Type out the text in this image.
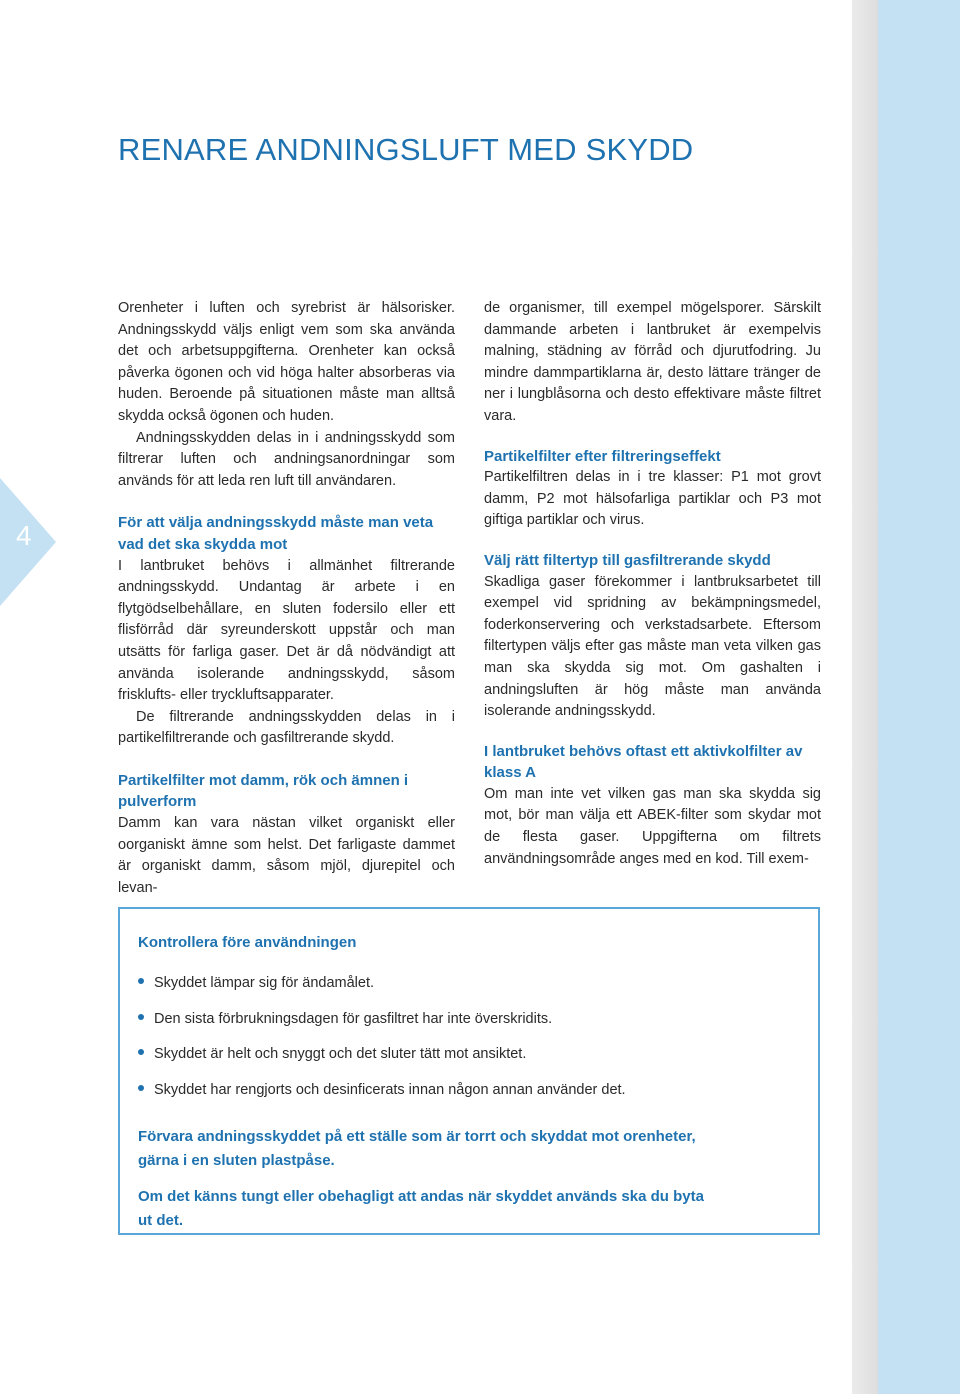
4
RENARE ANDNINGSLUFT MED SKYDD

Orenheter i luften och syrebrist är hälsorisker. Andningsskydd väljs enligt vem som ska använda det och arbetsuppgifterna. Orenheter kan också påverka ögonen och vid höga halter absorberas via huden. Beroende på situationen måste man alltså skydda också ögonen och huden.

Andningsskydden delas in i andningsskydd som filtrerar luften och andningsanordningar som används för att leda ren luft till användaren.

För att välja andningsskydd måste man veta vad det ska skydda mot

I lantbruket behövs i allmänhet filtrerande andningsskydd. Undantag är arbete i en flytgödselbehållare, en sluten fodersilo eller ett flisförråd där syreunderskott uppstår och man utsätts för farliga gaser. Det är då nödvändigt att använda isolerande andningsskydd, såsom frisklufts- eller tryckluftsapparater.

De filtrerande andningsskydden delas in i partikelfiltrerande och gasfiltrerande skydd.

Partikelfilter mot damm, rök och ämnen i pulverform

Damm kan vara nästan vilket organiskt eller oorganiskt ämne som helst. Det farligaste dammet är organiskt damm, såsom mjöl, djurepitel och levan-

de organismer, till exempel mögelsporer. Särskilt dammande arbeten i lantbruket är exempelvis malning, städning av förråd och djurutfodring. Ju mindre dammpartiklarna är, desto lättare tränger de ner i lungblåsorna och desto effektivare måste filtret vara.

Partikelfilter efter filtreringseffekt

Partikelfiltren delas in i tre klasser: P1 mot grovt damm, P2 mot hälsofarliga partiklar och P3 mot giftiga partiklar och virus.

Välj rätt filtertyp till gasfiltrerande skydd

Skadliga gaser förekommer i lantbruksarbetet till exempel vid spridning av bekämpningsmedel, foderkonservering och verkstadsarbete. Eftersom filtertypen väljs efter gas måste man veta vilken gas man ska skydda sig mot. Om gashalten i andningsluften är hög måste man använda isolerande andningsskydd.

I lantbruket behövs oftast ett aktivkolfilter av klass A

Om man inte vet vilken gas man ska skydda sig mot, bör man välja ett ABEK-filter som skydar mot de flesta gaser. Uppgifterna om filtrets användningsområde anges med en kod. Till exem-

Kontrollera före användningen
Skyddet lämpar sig för ändamålet.
Den sista förbrukningsdagen för gasfiltret har inte överskridits.
Skyddet är helt och snyggt och det sluter tätt mot ansiktet.
Skyddet har rengjorts och desinficerats innan någon annan använder det.

Förvara andningsskyddet på ett ställe som är torrt och skyddat mot orenheter, gärna i en sluten plastpåse.

Om det känns tungt eller obehagligt att andas när skyddet används ska du byta ut det.
